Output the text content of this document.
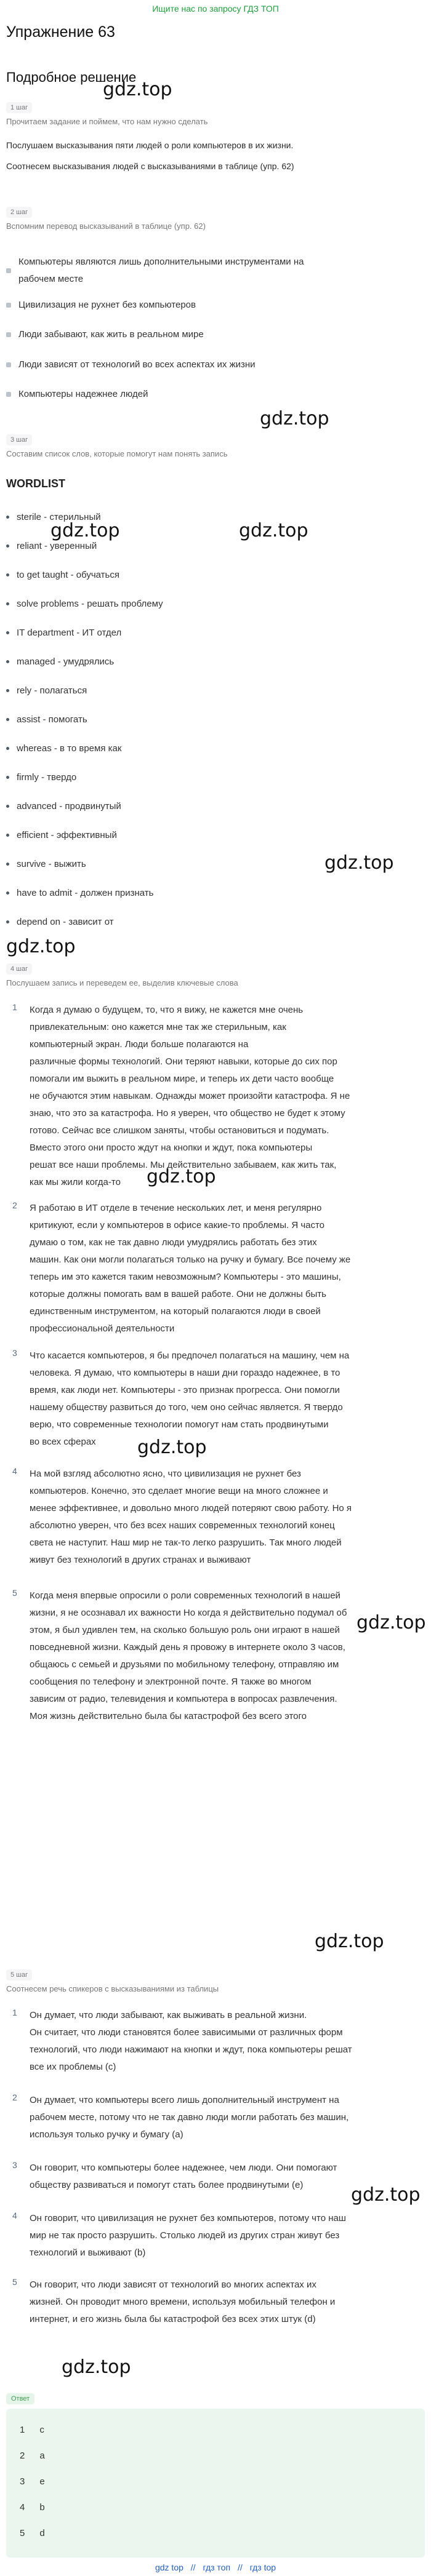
Ищите нас по запросу ГДЗ ТОП
Упражнение 63
Подробное решение
gdz.top
gdz.top
gdz.top	gdz.top
gdz.top
gdz.top
gdz.top
gdz.top
gdz.top
gdz.top
gdz.top
gdz.top
1 шаг
Прочитаем задание и поймем, что нам нужно сделать
Послушаем высказывания пяти людей о роли компьютеров в их жизни.
Соотнесем высказывания людей с высказываниями в таблице (упр. 62)
2 шаг
Вспомним перевод высказываний в таблице (упр. 62)
Компьютеры являются лишь дополнительными инструментами на рабочем месте
Цивилизация не рухнет без компьютеров
Люди забывают, как жить в реальном мире
Люди зависят от технологий во всех аспектах их жизни
Компьютеры надежнее людей
3 шаг
Составим список слов, которые помогут нам понять запись
WORDLIST
sterile - стерильный
reliant - уверенный
to get taught - обучаться
solve problems - решать проблему
IT department - ИТ отдел
managed - умудрялись
rely - полагаться
assist - помогать
whereas - в то время как
firmly - твердо
advanced - продвинутый
efficient - эффективный
survive - выжить
have to admit - должен признать
depend on - зависит от
4 шаг
Послушаем запись и переведем ее, выделив ключевые слова
1	Когда я думаю о будущем, то, что я вижу, не кажется мне очень
привлекательным: оно кажется мне так же стерильным, как
компьютерный экран. Люди больше полагаются на
различные формы технологий. Они теряют навыки, которые до сих пор
помогали им выжить в реальном мире, и теперь их дети часто вообще
не обучаются этим навыкам. Однажды может произойти катастрофа. Я не
знаю, что это за катастрофа. Но я уверен, что общество не будет к этому
готово. Сейчас все слишком заняты, чтобы остановиться и подумать.
Вместо этого они просто ждут на кнопки и ждут, пока компьютеры
решат все наши проблемы. Мы действительно забываем, как жить так,
как мы жили когда-то
2	Я работаю в ИТ отделе в течение нескольких лет, и меня регулярно
критикуют, если у компьютеров в офисе какие-то проблемы. Я часто
думаю о том, как не так давно люди умудрялись работать без этих
машин. Как они могли полагаться только на ручку и бумагу. Все почему же
теперь им это кажется таким невозможным? Компьютеры - это машины,
которые должны помогать вам в вашей работе. Они не должны быть
единственным инструментом, на который полагаются люди в своей
профессиональной деятельности
3	Что касается компьютеров, я бы предпочел полагаться на машину, чем на
человека. Я думаю, что компьютеры в наши дни гораздо надежнее, в то
время, как люди нет. Компьютеры - это признак прогресса. Они помогли
нашему обществу развиться до того, чем оно сейчас является. Я твердо
верю, что современные технологии помогут нам стать продвинутыми
во всех сферах
4	На мой взгляд абсолютно ясно, что цивилизация не рухнет без
компьютеров. Конечно, это сделает многие вещи на много сложнее и
менее эффективнее, и довольно много людей потеряют свою работу. Но я
абсолютно уверен, что без всех наших современных технологий конец
света не наступит. Наш мир не так-то легко разрушить. Так много людей
живут без технологий в других странах и выживают
5	Когда меня впервые опросили о роли современных технологий в нашей
жизни, я не осознавал их важности Но когда я действительно подумал об
этом, я был удивлен тем, на сколько большую роль они играют в нашей
повседневной жизни. Каждый день я провожу в интернете около 3 часов,
общаюсь с семьей и друзьями по мобильному телефону, отправляю им
сообщения по телефону и электронной почте. Я также во многом
зависим от радио, телевидения и компьютера в вопросах развлечения.
Моя жизнь действительно была бы катастрофой без всего этого
5 шаг
Соотнесем речь спикеров с высказываниями из таблицы
1	Он думает, что люди забывают, как выживать в реальной жизни.
Он считает, что люди становятся более зависимыми от различных форм
технологий, что люди нажимают на кнопки и ждут, пока компьютеры решат
все их проблемы (c)
2	Он думает, что компьютеры всего лишь дополнительный инструмент на
рабочем месте, потому что не так давно люди могли работать без машин,
используя только ручку и бумагу (а)
3	Он говорит, что компьютеры более надежнее, чем люди. Они помогают
обществу развиваться и помогут стать более продвинутыми (е)
4	Он говорит, что цивилизация не рухнет без компьютеров, потому что наш
мир не так просто разрушить. Столько людей из других стран живут без
технологий и выживают (b)
5	Он говорит, что люди зависят от технологий во многих аспектах их
жизней. Он проводит много времени, используя мобильный телефон и
интернет, и его жизнь была бы катастрофой без всех этих штук (d)
Ответ
1 c
2 a
3 e
4 b
5 d
gdz top // гдз топ // гдз top
